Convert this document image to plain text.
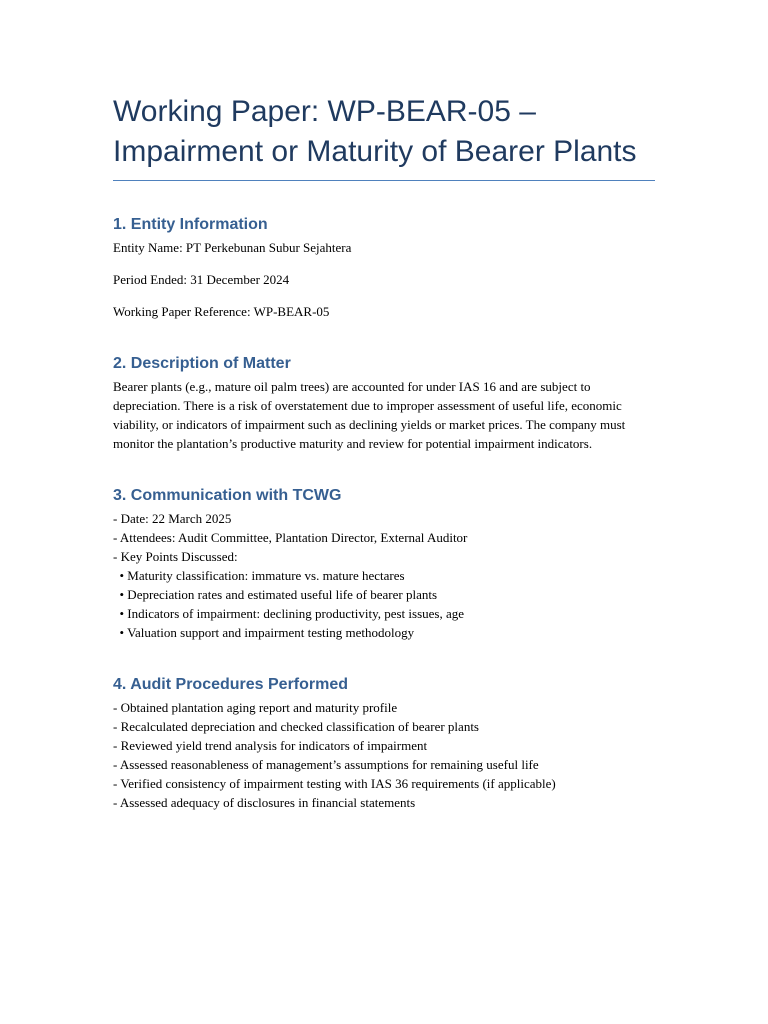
Working Paper: WP-BEAR-05 – Impairment or Maturity of Bearer Plants
1. Entity Information

Entity Name: PT Perkebunan Subur Sejahtera

Period Ended: 31 December 2024

Working Paper Reference: WP-BEAR-05

2. Description of Matter

Bearer plants (e.g., mature oil palm trees) are accounted for under IAS 16 and are subject to depreciation. There is a risk of overstatement due to improper assessment of useful life, economic viability, or indicators of impairment such as declining yields or market prices. The company must monitor the plantation’s productive maturity and review for potential impairment indicators.

3. Communication with TCWG
- Date: 22 March 2025
- Attendees: Audit Committee, Plantation Director, External Auditor
- Key Points Discussed:
• Maturity classification: immature vs. mature hectares
• Depreciation rates and estimated useful life of bearer plants
• Indicators of impairment: declining productivity, pest issues, age
• Valuation support and impairment testing methodology
4. Audit Procedures Performed
- Obtained plantation aging report and maturity profile
- Recalculated depreciation and checked classification of bearer plants
- Reviewed yield trend analysis for indicators of impairment
- Assessed reasonableness of management’s assumptions for remaining useful life
- Verified consistency of impairment testing with IAS 36 requirements (if applicable)
- Assessed adequacy of disclosures in financial statements
